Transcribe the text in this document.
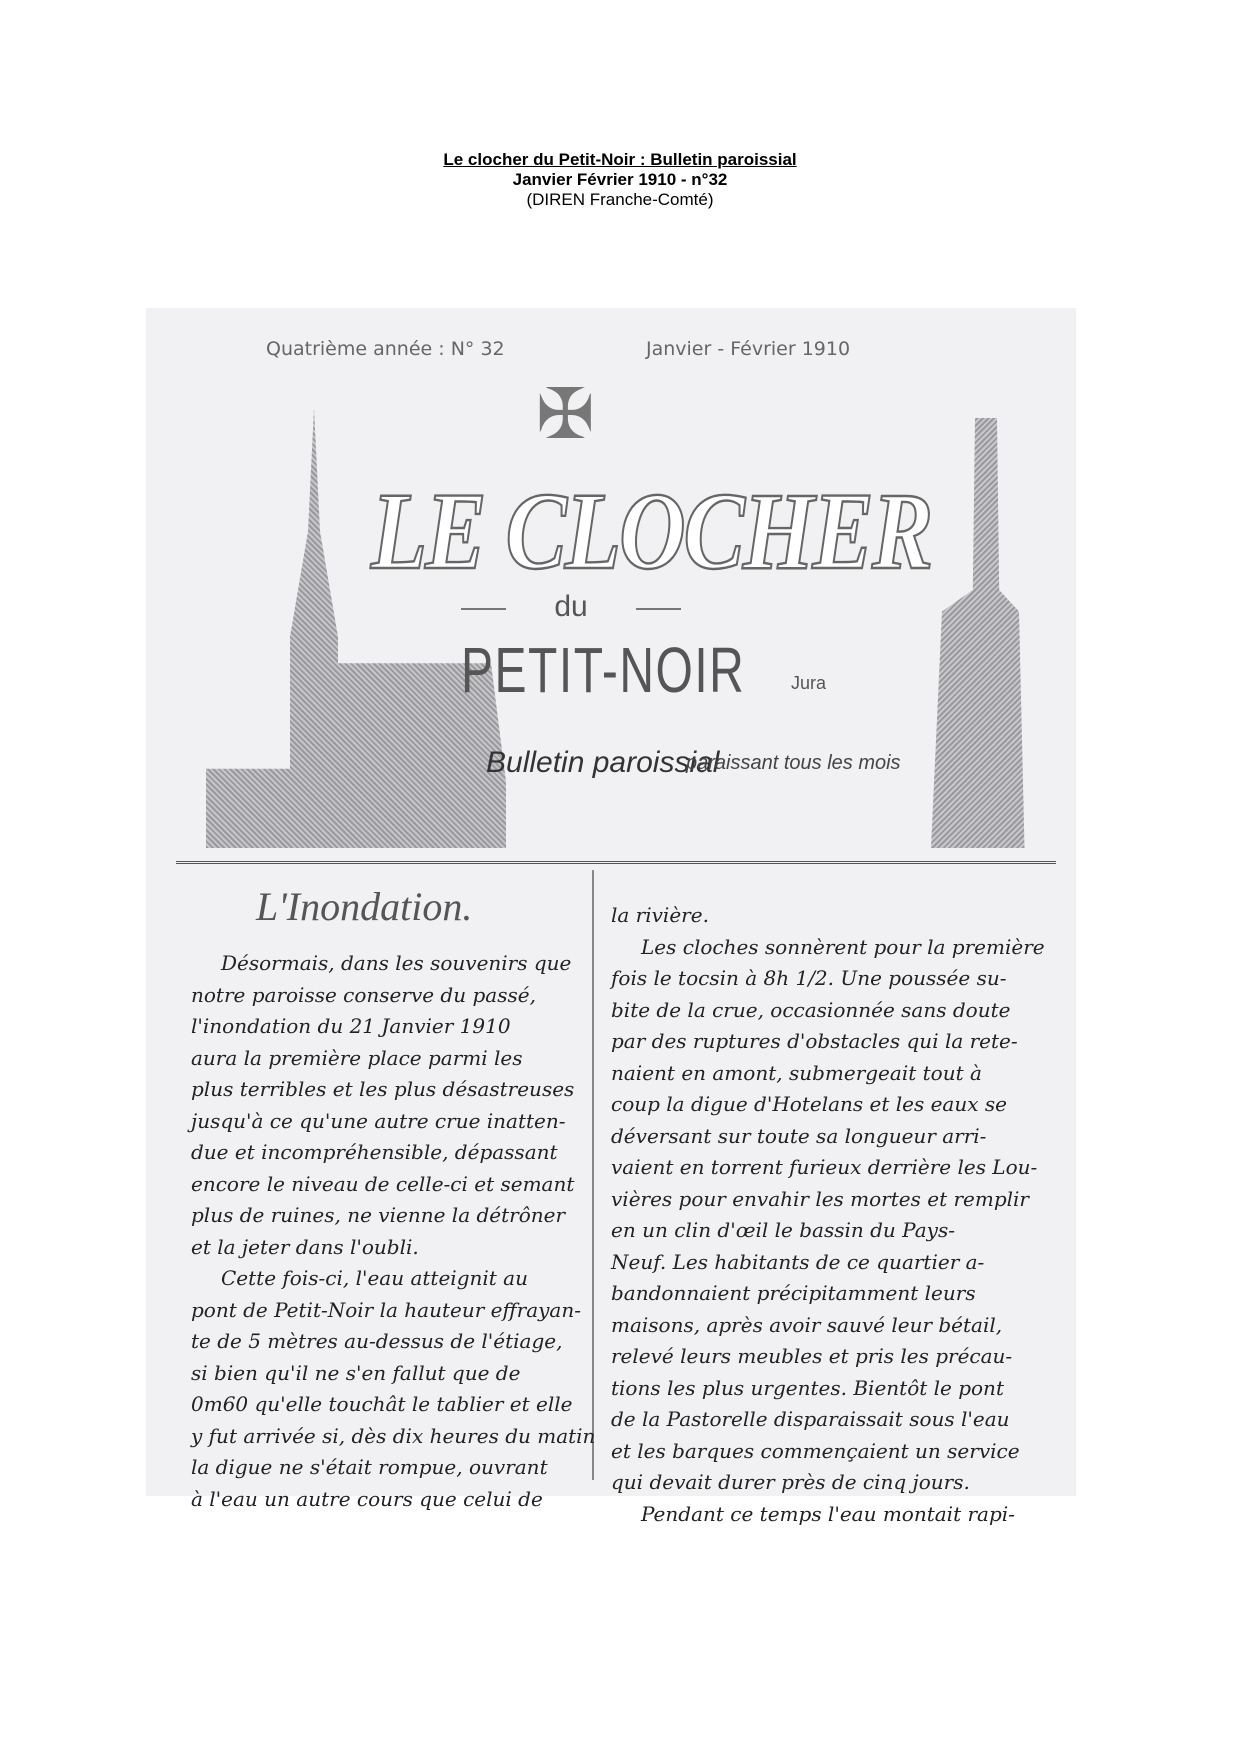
Le clocher du Petit-Noir : Bulletin paroissial
Janvier Février 1910 - n°32
(DIREN Franche-Comté)
Quatrième année : N° 32	Janvier - Février 1910
✠
LE CLOCHER
du
PETIT-NOIR	Jura
Bulletin paroissial
paraissant tous les mois
L'Inondation.
Désormais, dans les souvenirs que
notre paroisse conserve du passé,
l'inondation du 21 Janvier 1910
aura la première place parmi les
plus terribles et les plus désastreuses
jusqu'à ce qu'une autre crue inatten-
due et incompréhensible, dépassant
encore le niveau de celle-ci et semant
plus de ruines, ne vienne la détrôner
et la jeter dans l'oubli.
Cette fois-ci, l'eau atteignit au
pont de Petit-Noir la hauteur effrayan-
te de 5 mètres au-dessus de l'étiage,
si bien qu'il ne s'en fallut que de
0m60 qu'elle touchât le tablier et elle
y fut arrivée si, dès dix heures du matin
la digue ne s'était rompue, ouvrant
à l'eau un autre cours que celui de
la rivière.
Les cloches sonnèrent pour la première
fois le tocsin à 8h 1/2. Une poussée su-
bite de la crue, occasionnée sans doute
par des ruptures d'obstacles qui la rete-
naient en amont, submergeait tout à
coup la digue d'Hotelans et les eaux se
déversant sur toute sa longueur arri-
vaient en torrent furieux derrière les Lou-
vières pour envahir les mortes et remplir
en un clin d'œil le bassin du Pays-
Neuf. Les habitants de ce quartier a-
bandonnaient précipitamment leurs
maisons, après avoir sauvé leur bétail,
relevé leurs meubles et pris les précau-
tions les plus urgentes. Bientôt le pont
de la Pastorelle disparaissait sous l'eau
et les barques commençaient un service
qui devait durer près de cinq jours.
Pendant ce temps l'eau montait rapi-
